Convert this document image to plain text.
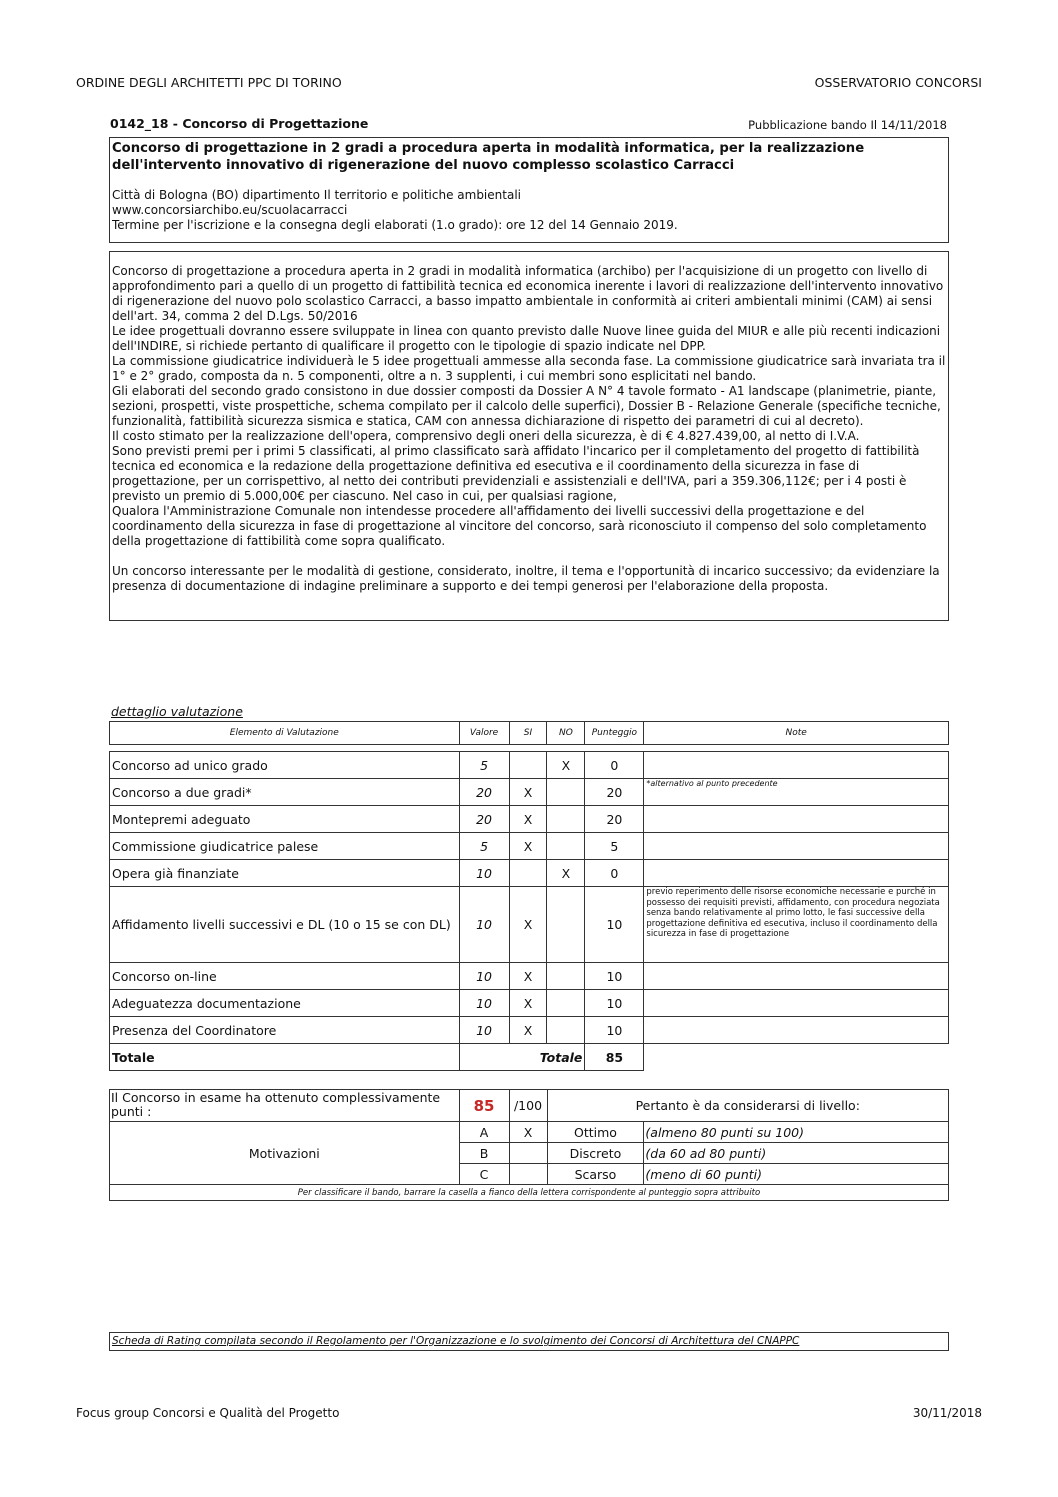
ORDINE DEGLI ARCHITETTI PPC DI TORINO	OSSERVATORIO CONCORSI
0142_18 - Concorso di Progettazione	Pubblicazione bando Il 14/11/2018
Concorso di progettazione in 2 gradi a procedura aperta in modalità informatica, per la realizzazione dell'intervento innovativo di rigenerazione del nuovo complesso scolastico Carracci
Città di Bologna (BO) dipartimento Il territorio e politiche ambientali
www.concorsiarchibo.eu/scuolacarracci
Termine per l'iscrizione e la consegna degli elaborati (1.o grado): ore 12 del 14 Gennaio 2019.
Concorso di progettazione a procedura aperta in 2 gradi in modalità informatica (archibo) per l'acquisizione di un progetto con livello di approfondimento pari a quello di un progetto di fattibilità tecnica ed economica inerente i lavori di realizzazione dell'intervento innovativo di rigenerazione del nuovo polo scolastico Carracci, a basso impatto ambientale in conformità ai criteri ambientali minimi (CAM) ai sensi dell'art. 34, comma 2 del D.Lgs. 50/2016
Le idee progettuali dovranno essere sviluppate in linea con quanto previsto dalle Nuove linee guida del MIUR e alle più recenti indicazioni dell'INDIRE, si richiede pertanto di qualificare il progetto con le tipologie di spazio indicate nel DPP.
La commissione giudicatrice individuerà le 5 idee progettuali ammesse alla seconda fase. La commissione giudicatrice sarà invariata tra il 1° e 2° grado, composta da n. 5 componenti, oltre a n. 3 supplenti, i cui membri sono esplicitati nel bando.
Gli elaborati del secondo grado consistono in due dossier composti da Dossier A N° 4 tavole formato - A1 landscape (planimetrie, piante, sezioni, prospetti, viste prospettiche, schema compilato per il calcolo delle superfici), Dossier B - Relazione Generale (specifiche tecniche, funzionalità, fattibilità sicurezza sismica e statica, CAM con annessa dichiarazione di rispetto dei parametri di cui al decreto).
Il costo stimato per la realizzazione dell'opera, comprensivo degli oneri della sicurezza, è di € 4.827.439,00, al netto di I.V.A.
Sono previsti premi per i primi 5 classificati, al primo classificato sarà affidato l'incarico per il completamento del progetto di fattibilità tecnica ed economica e la redazione della progettazione definitiva ed esecutiva e il coordinamento della sicurezza in fase di progettazione, per un corrispettivo, al netto dei contributi previdenziali e assistenziali e dell'IVA, pari a 359.306,112€; per i 4 posti è previsto un premio di 5.000,00€ per ciascuno. Nel caso in cui, per qualsiasi ragione,
Qualora l'Amministrazione Comunale non intendesse procedere all'affidamento dei livelli successivi della progettazione e del coordinamento della sicurezza in fase di progettazione al vincitore del concorso, sarà riconosciuto il compenso del solo completamento della progettazione di fattibilità come sopra qualificato.
Un concorso interessante per le modalità di gestione, considerato, inoltre, il tema e l'opportunità di incarico successivo; da evidenziare la presenza di documentazione di indagine preliminare a supporto e dei tempi generosi per l'elaborazione della proposta.
dettaglio valutazione
Elemento di Valutazione	Valore	SI	NO	Punteggio	Note

Concorso ad unico grado	5		X	0	
Concorso a due gradi*	20	X		20	*alternativo al punto precedente
Montepremi adeguato	20	X		20	
Commissione giudicatrice palese	5	X		5	
Opera già finanziate	10		X	0	
Affidamento livelli successivi e DL (10 o 15 se con DL)	10	X		10	previo reperimento delle risorse economiche necessarie e purché in possesso dei requisiti previsti, affidamento, con procedura negoziata senza bando relativamente al primo lotto, le fasi successive della progettazione definitiva ed esecutiva, incluso il coordinamento della sicurezza in fase di progettazione
Concorso on-line	10	X		10	
Adeguatezza documentazione	10	X		10	
Presenza del Coordinatore	10	X		10	
Totale	Totale			85	
Il Concorso in esame ha ottenuto complessivamente punti :	85	/100	Pertanto è da considerarsi di livello:	
Motivazioni	A	X	Ottimo	(almeno 80 punti su 100)
	B		Discreto	(da 60 ad 80 punti)
	C		Scarso	(meno di 60 punti)
Per classificare il bando, barrare la casella a fianco della lettera corrispondente al punteggio sopra attribuito				
Scheda di Rating compilata secondo il Regolamento per l'Organizzazione e lo svolgimento dei Concorsi di Architettura del CNAPPC
Focus group Concorsi e Qualità del Progetto	30/11/2018
